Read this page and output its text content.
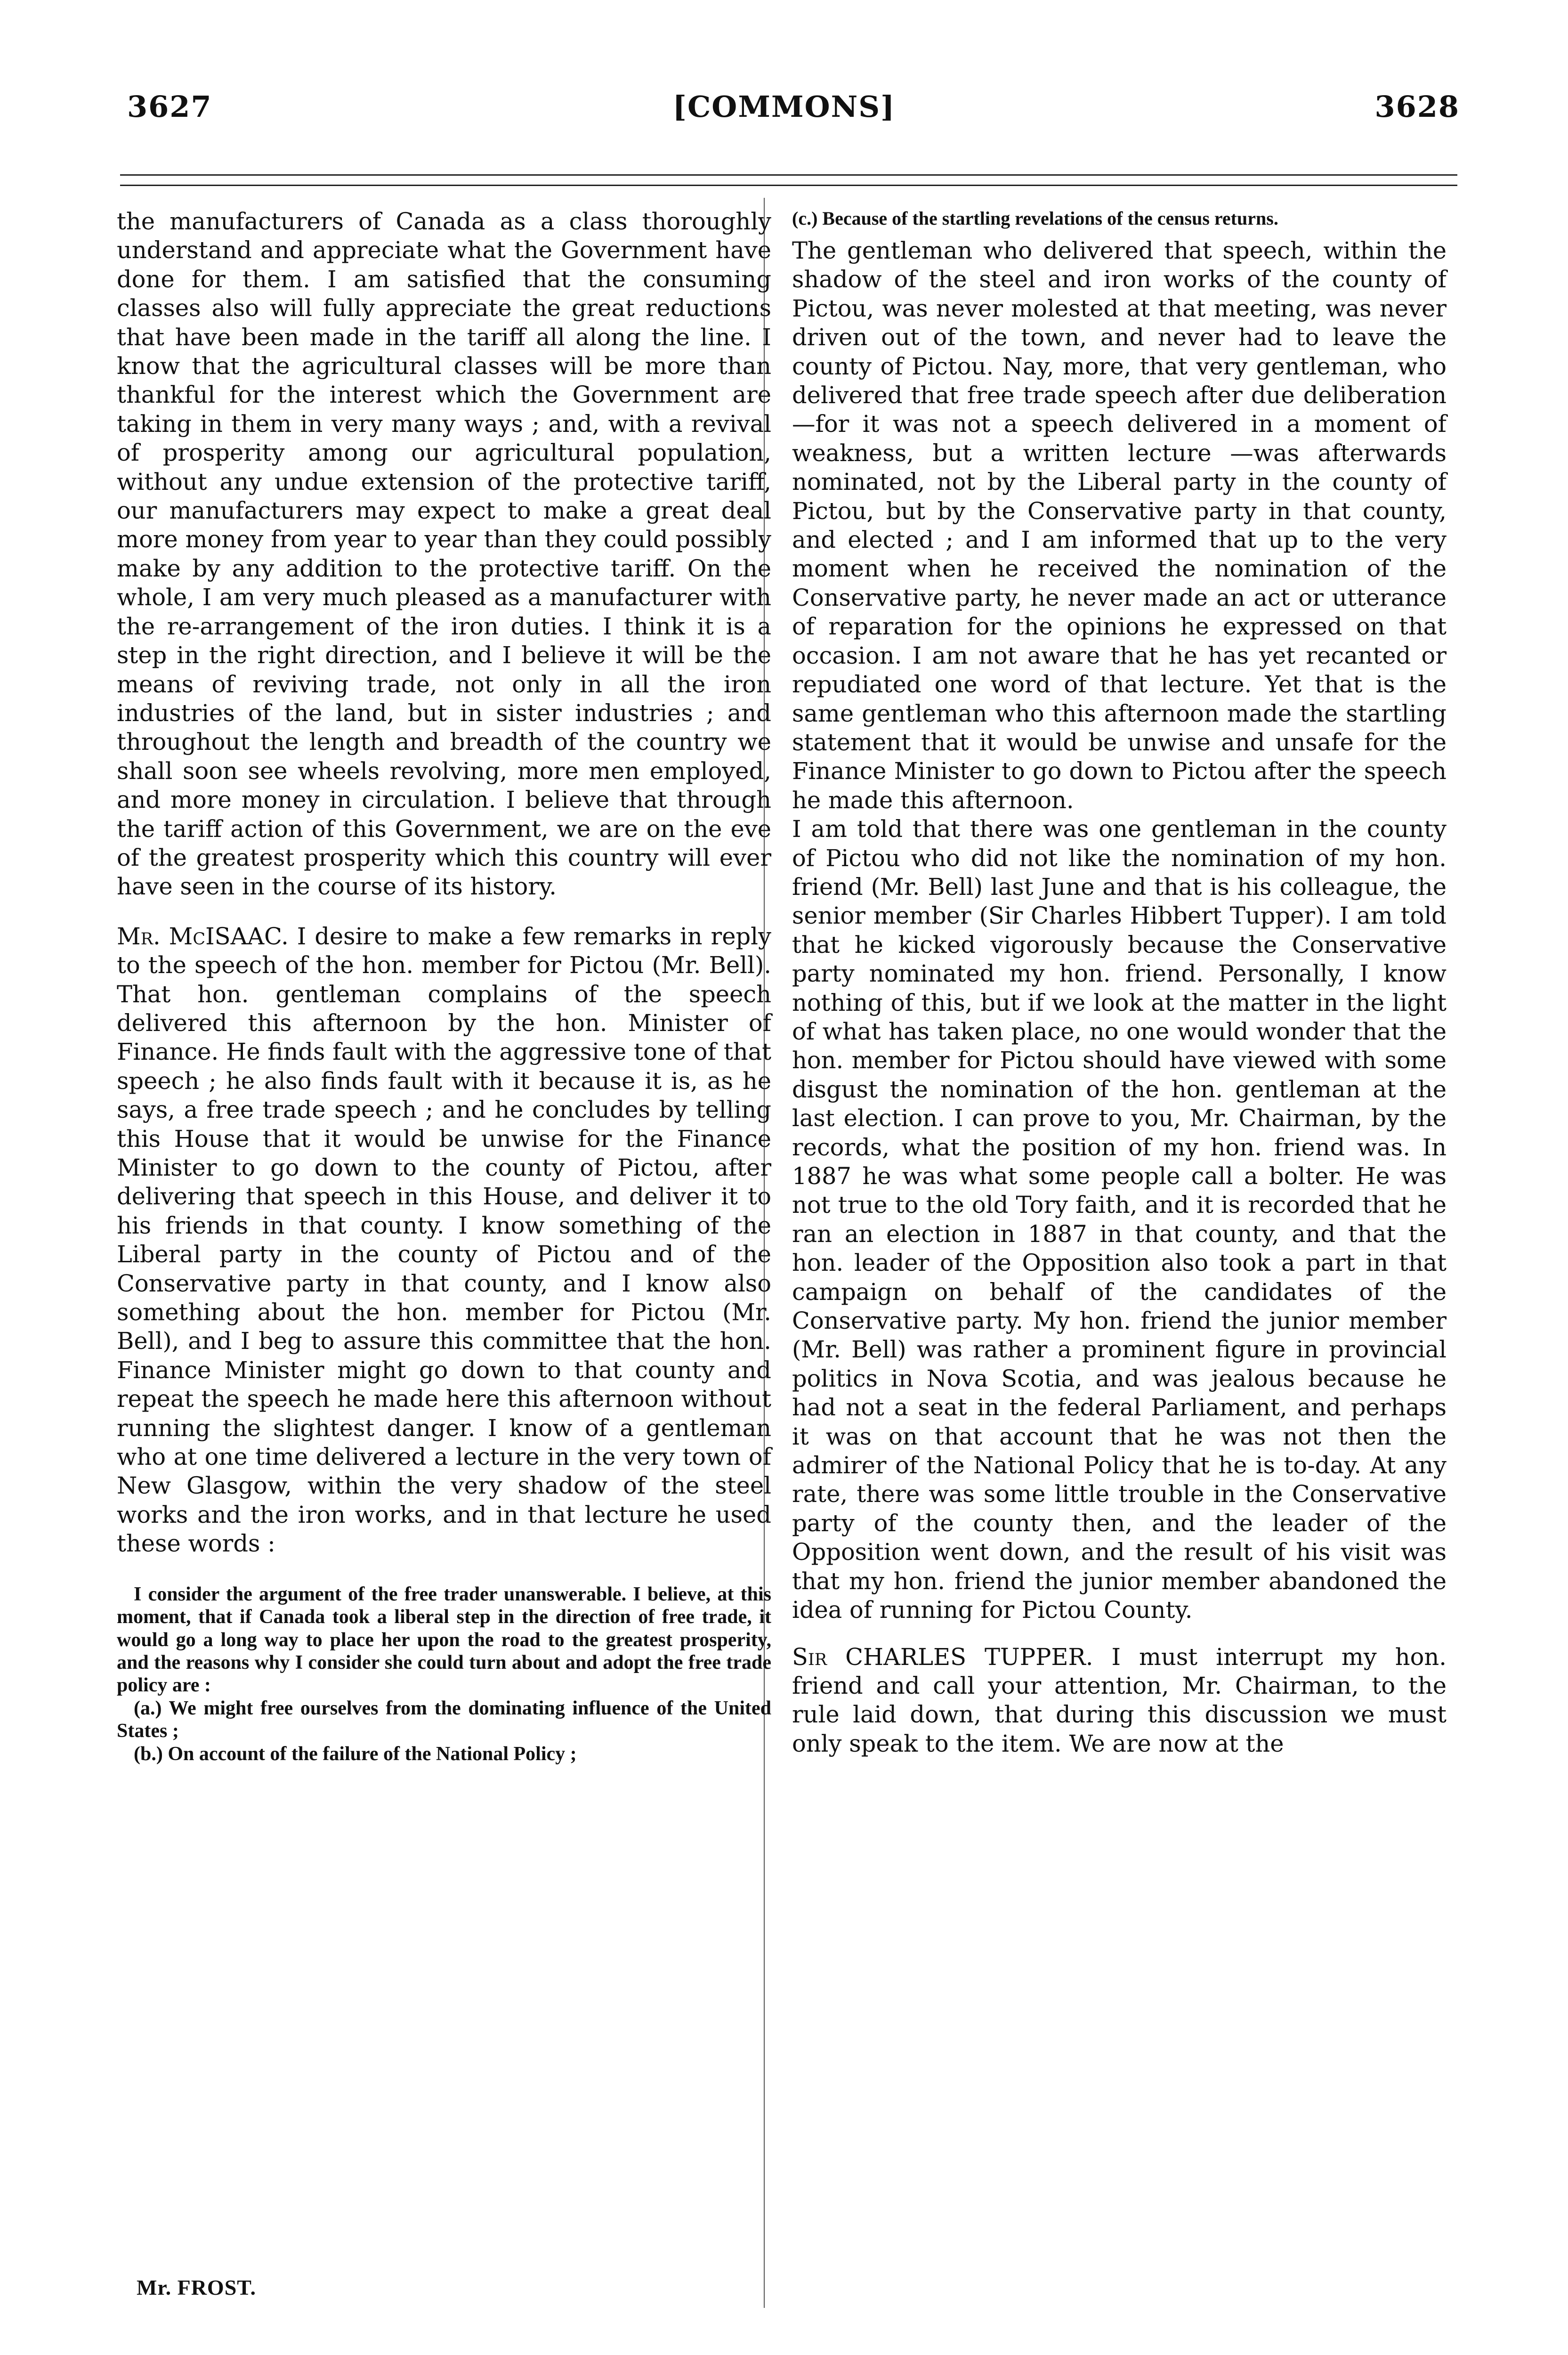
[COMMONS]
3627	3628

the manufacturers of Canada as a class thoroughly understand and appreciate what the Government have done for them. I am satisfied that the consuming classes also will fully appreciate the great reductions that have been made in the tariff all along the line. I know that the agricultural classes will be more than thankful for the interest which the Government are taking in them in very many ways ; and, with a revival of prosperity among our agricultural population, without any undue extension of the protective tariff, our manufacturers may expect to make a great deal more money from year to year than they could possibly make by any addition to the protective tariff. On the whole, I am very much pleased as a manufacturer with the re-arrangement of the iron duties. I think it is a step in the right direction, and I believe it will be the means of reviving trade, not only in all the iron industries of the land, but in sister industries ; and throughout the length and breadth of the country we shall soon see wheels revolving, more men employed, and more money in circulation. I believe that through the tariff action of this Government, we are on the eve of the greatest prosperity which this country will ever have seen in the course of its history.

Mr. McISAAC. I desire to make a few remarks in reply to the speech of the hon. member for Pictou (Mr. Bell). That hon. gentleman complains of the speech delivered this afternoon by the hon. Minister of Finance. He finds fault with the aggressive tone of that speech ; he also finds fault with it because it is, as he says, a free trade speech ; and he concludes by telling this House that it would be unwise for the Finance Minister to go down to the county of Pictou, after delivering that speech in this House, and deliver it to his friends in that county. I know something of the Liberal party in the county of Pictou and of the Conservative party in that county, and I know also something about the hon. member for Pictou (Mr. Bell), and I beg to assure this committee that the hon. Finance Minister might go down to that county and repeat the speech he made here this afternoon without running the slightest danger. I know of a gentleman who at one time delivered a lecture in the very town of New Glasgow, within the very shadow of the steel works and the iron works, and in that lecture he used these words :

I consider the argument of the free trader unanswerable. I believe, at this moment, that if Canada took a liberal step in the direction of free trade, it would go a long way to place her upon the road to the greatest prosperity, and the reasons why I consider she could turn about and adopt the free trade policy are :

(a.) We might free ourselves from the dominating influence of the United States ;

(b.) On account of the failure of the National Policy ;

(c.) Because of the startling revelations of the census returns.

The gentleman who delivered that speech, within the shadow of the steel and iron works of the county of Pictou, was never molested at that meeting, was never driven out of the town, and never had to leave the county of Pictou. Nay, more, that very gentleman, who delivered that free trade speech after due deliberation —for it was not a speech delivered in a moment of weakness, but a written lecture —was afterwards nominated, not by the Liberal party in the county of Pictou, but by the Conservative party in that county, and elected ; and I am informed that up to the very moment when he received the nomination of the Conservative party, he never made an act or utterance of reparation for the opinions he expressed on that occasion. I am not aware that he has yet recanted or repudiated one word of that lecture. Yet that is the same gentleman who this afternoon made the startling statement that it would be unwise and unsafe for the Finance Minister to go down to Pictou after the speech he made this afternoon.

I am told that there was one gentleman in the county of Pictou who did not like the nomination of my hon. friend (Mr. Bell) last June and that is his colleague, the senior member (Sir Charles Hibbert Tupper). I am told that he kicked vigorously because the Conservative party nominated my hon. friend. Personally, I know nothing of this, but if we look at the matter in the light of what has taken place, no one would wonder that the hon. member for Pictou should have viewed with some disgust the nomination of the hon. gentleman at the last election. I can prove to you, Mr. Chairman, by the records, what the position of my hon. friend was. In 1887 he was what some people call a bolter. He was not true to the old Tory faith, and it is recorded that he ran an election in 1887 in that county, and that the hon. leader of the Opposition also took a part in that campaign on behalf of the candidates of the Conservative party. My hon. friend the junior member (Mr. Bell) was rather a prominent figure in provincial politics in Nova Scotia, and was jealous because he had not a seat in the federal Parliament, and perhaps it was on that account that he was not then the admirer of the National Policy that he is to-day. At any rate, there was some little trouble in the Conservative party of the county then, and the leader of the Opposition went down, and the result of his visit was that my hon. friend the junior member abandoned the idea of running for Pictou County.

Sir CHARLES TUPPER. I must interrupt my hon. friend and call your attention, Mr. Chairman, to the rule laid down, that during this discussion we must only speak to the item. We are now at the

Mr. FROST.
